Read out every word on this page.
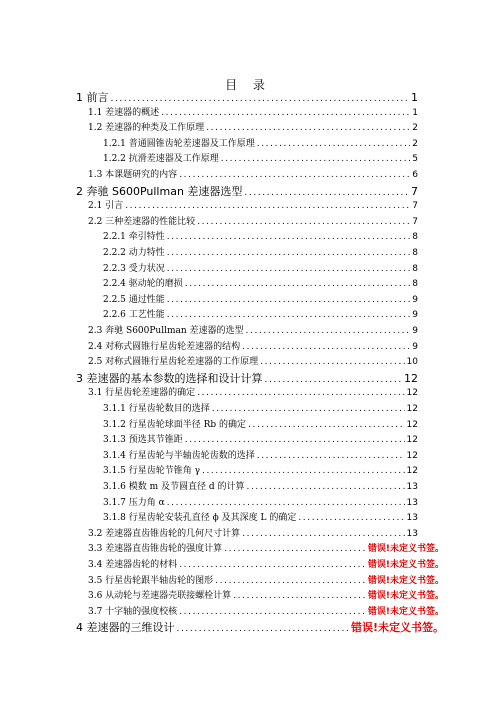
目 录
1 前言 .....	1
1.1 差速器的概述 .....	1
1.2 差速器的种类及工作原理 .....	2
1.2.1 普通圆锥齿轮差速器及工作原理 .....	2
1.2.2 抗滑差速器及工作原理 .....	5
1.3 本课题研究的内容 .....	6
2 奔驰 S600Pullman 差速器选型 .....	7
2.1 引言 .....	7
2.2 三种差速器的性能比较 .....	7
2.2.1 牵引特性 .....	8
2.2.2 动力特性 .....	8
2.2.3 受力状况 .....	8
2.2.4 驱动轮的磨损 .....	8
2.2.5 通过性能 .....	9
2.2.6 工艺性能 .....	9
2.3 奔驰 S600Pullman 差速器的选型 .....	9
2.4 对称式圆锥行星齿轮差速器的结构 .....	9
2.5 对称式圆锥行星齿轮差速器的工作原理 .....	10
3 差速器的基本参数的选择和设计计算 .....	12
3.1 行星齿轮差速器的确定 .....	12
3.1.1 行星齿轮数目的选择 .....	12
3.1.2 行星齿轮球面半径 Rb 的确定 .....	12
3.1.3 预选其节锥距 .....	12
3.1.4 行星齿轮与半轴齿轮齿数的选择 .....	12
3.1.5 行星齿轮节锥角 γ .....	12
3.1.6 模数 m 及节圆直径 d 的计算 .....	13
3.1.7 压力角 α .....	13
3.1.8 行星齿轮安装孔直径 ϕ 及其深度 L 的确定 .....	13
3.2 差速器直齿锥齿轮的几何尺寸计算 .....	13
3.3 差速器直齿锥齿轮的强度计算 .....	错误!未定义书签。
3.4 差速器齿轮的材料 .....	错误!未定义书签。
3.5 行星齿轮跟半轴齿轮的图形 .....	错误!未定义书签。
3.6 从动轮与差速器壳联接螺栓计算 .....	错误!未定义书签。
3.7 十字轴的强度校核 .....	错误!未定义书签。
4 差速器的三维设计 .....	错误!未定义书签。
